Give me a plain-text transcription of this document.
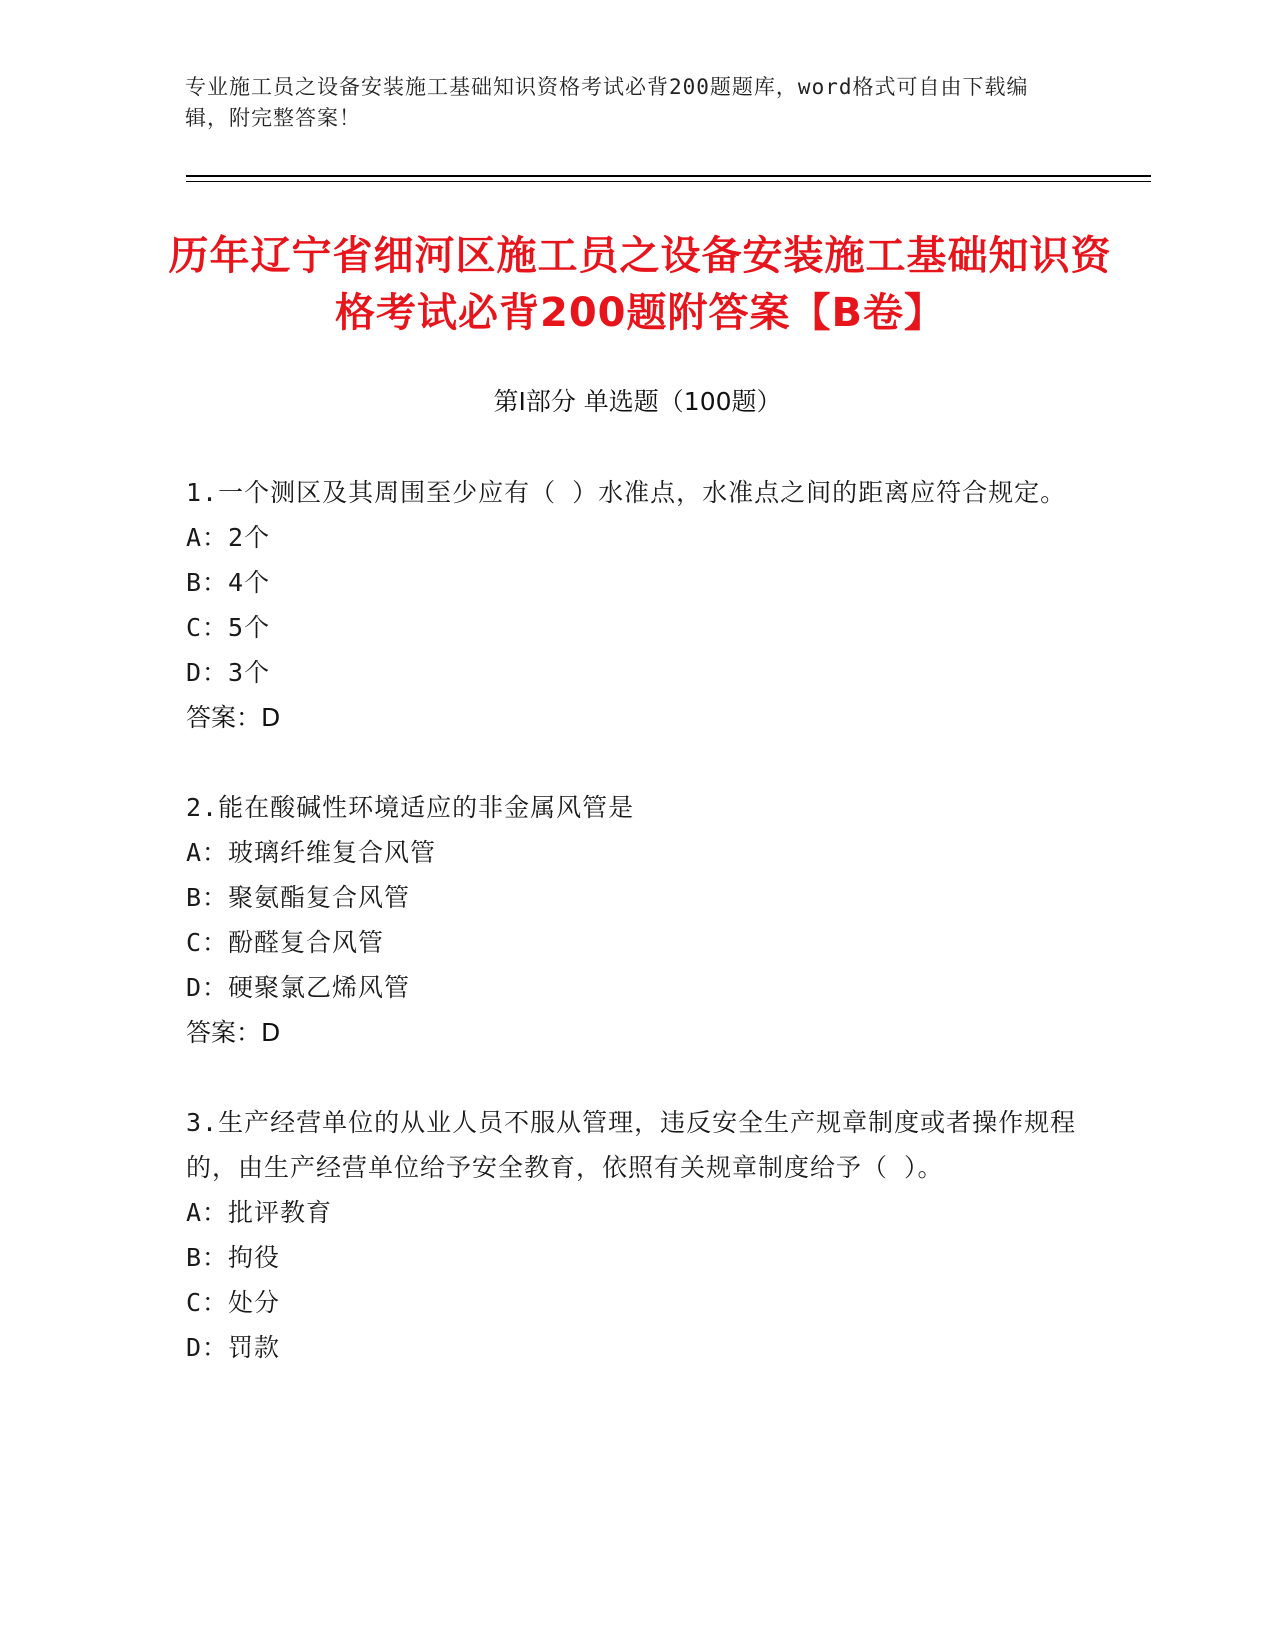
专业施工员之设备安装施工基础知识资格考试必背200题题库，word格式可自由下载编辑，附完整答案！
历年辽宁省细河区施工员之设备安装施工基础知识资格考试必背200题附答案【B卷】
第I部分 单选题（100题）
1.一个测区及其周围至少应有（ ）水准点，水准点之间的距离应符合规定。
A：2个
B：4个
C：5个
D：3个
答案：D
2.能在酸碱性环境适应的非金属风管是
A：玻璃纤维复合风管
B：聚氨酯复合风管
C：酚醛复合风管
D：硬聚氯乙烯风管
答案：D
3.生产经营单位的从业人员不服从管理，违反安全生产规章制度或者操作规程的，由生产经营单位给予安全教育，依照有关规章制度给予（ ）。
A：批评教育
B：拘役
C：处分
D：罚款
